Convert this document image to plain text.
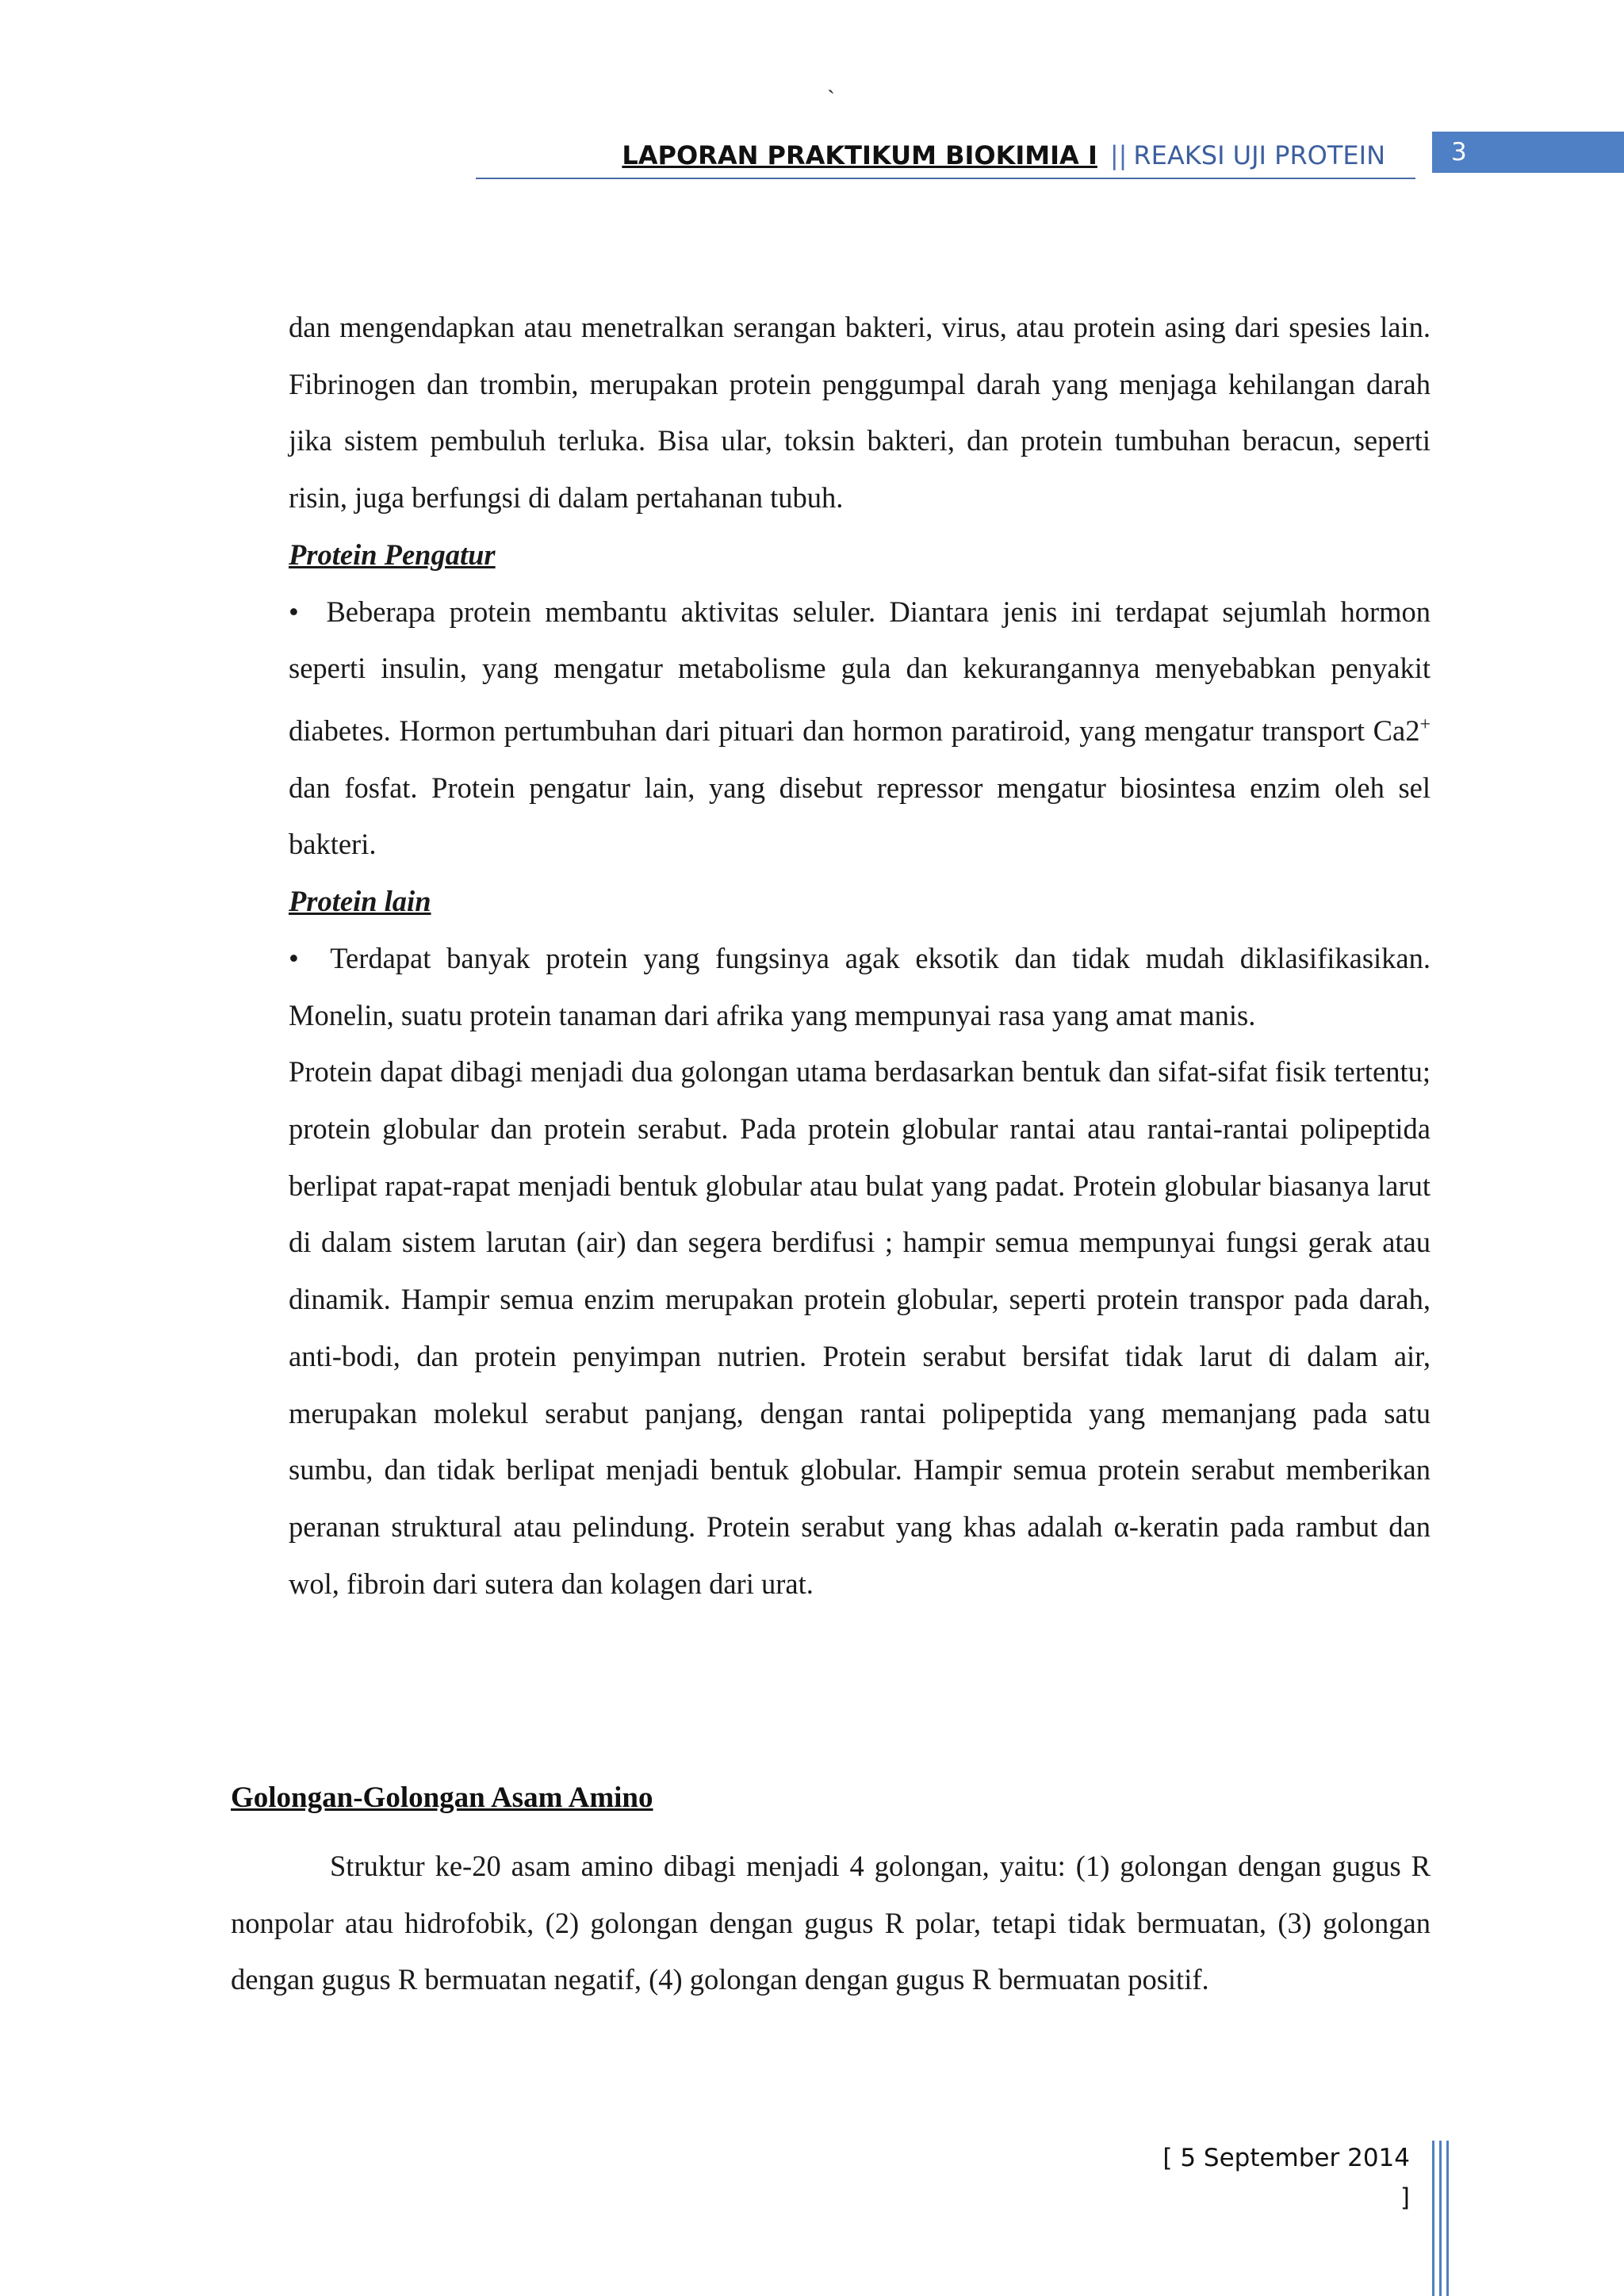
`
LAPORAN PRAKTIKUM BIOKIMIA I || REAKSI UJI PROTEIN	3

dan mengendapkan atau menetralkan serangan bakteri, virus, atau protein asing dari spesies lain. Fibrinogen dan trombin, merupakan protein penggumpal darah yang menjaga kehilangan darah jika sistem pembuluh terluka. Bisa ular, toksin bakteri, dan protein tumbuhan beracun, seperti risin, juga berfungsi di dalam pertahanan tubuh.

Protein Pengatur

•  Beberapa protein membantu aktivitas seluler. Diantara jenis ini terdapat sejumlah hormon seperti insulin, yang mengatur metabolisme gula dan kekurangannya menyebabkan penyakit diabetes. Hormon pertumbuhan dari pituari dan hormon paratiroid, yang mengatur transport Ca2+ dan fosfat. Protein pengatur lain, yang disebut repressor mengatur biosintesa enzim oleh sel bakteri.

Protein lain

•  Terdapat banyak protein yang fungsinya agak eksotik dan tidak mudah diklasifikasikan. Monelin, suatu protein tanaman dari afrika yang mempunyai rasa yang amat manis.

Protein dapat dibagi menjadi dua golongan utama berdasarkan bentuk dan sifat-sifat fisik tertentu; protein globular dan protein serabut. Pada protein globular rantai atau rantai-rantai polipeptida berlipat rapat-rapat menjadi bentuk globular atau bulat yang padat. Protein globular biasanya larut di dalam sistem larutan (air) dan segera berdifusi ; hampir semua mempunyai fungsi gerak atau dinamik. Hampir semua enzim merupakan protein globular, seperti protein transpor pada darah, anti-bodi, dan protein penyimpan nutrien. Protein serabut bersifat tidak larut di dalam air, merupakan molekul serabut panjang, dengan rantai polipeptida yang memanjang pada satu sumbu, dan tidak berlipat menjadi bentuk globular. Hampir semua protein serabut memberikan peranan struktural atau pelindung. Protein serabut yang khas adalah α-keratin pada rambut dan wol, fibroin dari sutera dan kolagen dari urat.

Golongan-Golongan Asam Amino

Struktur ke-20 asam amino dibagi menjadi 4 golongan, yaitu: (1) golongan dengan gugus R nonpolar atau hidrofobik, (2) golongan dengan gugus R polar, tetapi tidak bermuatan, (3) golongan dengan gugus R bermuatan negatif, (4) golongan dengan gugus R bermuatan positif.

[ 5 September 2014 ]
